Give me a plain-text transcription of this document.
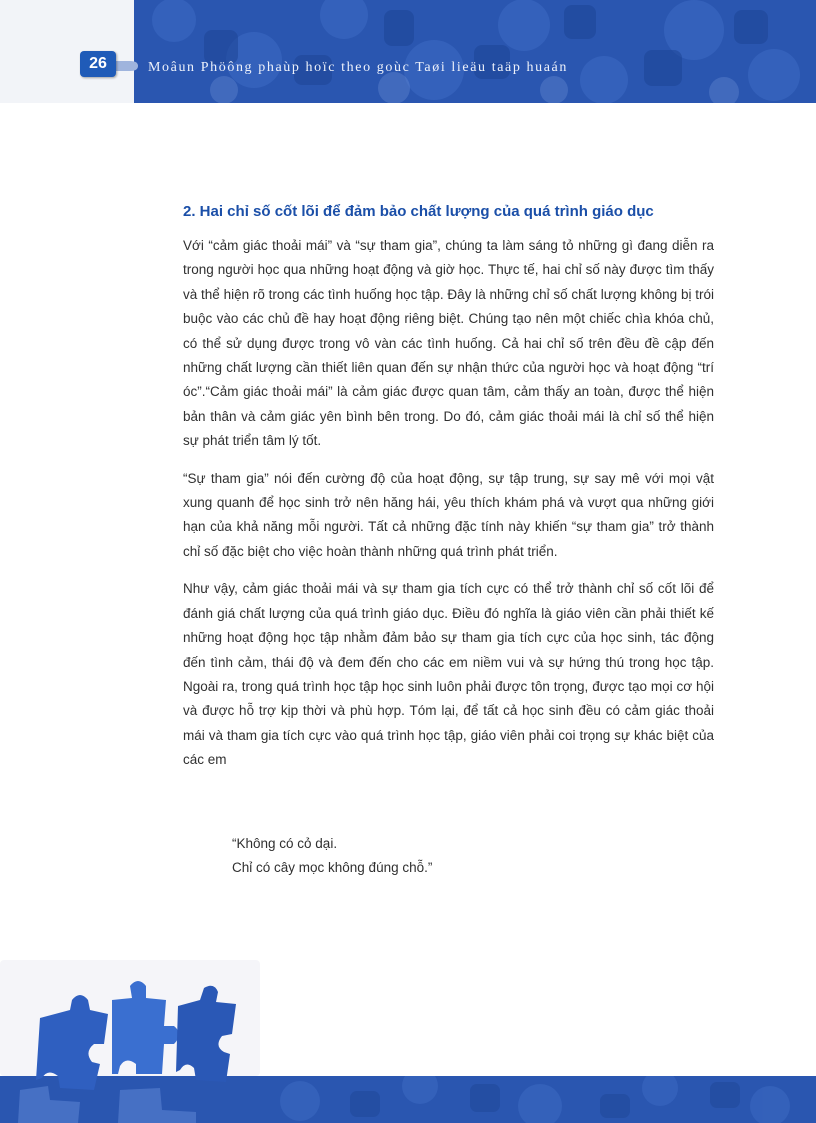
26	Moâun Phöông phaùp hoïc theo goùc Taøi lieäu taäp huaán
2. Hai chỉ số cốt lõi để đảm bảo chất lượng của quá trình giáo dục

Với “cảm giác thoải mái” và “sự tham gia”, chúng ta làm sáng tỏ những gì đang diễn ra trong người học qua những hoạt động và giờ học. Thực tế, hai chỉ số này được tìm thấy và thể hiện rõ trong các tình huống học tập. Đây là những chỉ số chất lượng không bị trói buộc vào các chủ đề hay hoạt động riêng biệt. Chúng tạo nên một chiếc chìa khóa chủ, có thể sử dụng được trong vô vàn các tình huống. Cả hai chỉ số trên đều đề cập đến những chất lượng cần thiết liên quan đến sự nhận thức của người học và hoạt động “trí óc”.“Cảm giác thoải mái” là cảm giác được quan tâm, cảm thấy an toàn, được thể hiện bản thân và cảm giác yên bình bên trong. Do đó, cảm giác thoải mái là chỉ số thể hiện sự phát triển tâm lý tốt.

“Sự tham gia” nói đến cường độ của hoạt động, sự tập trung, sự say mê với mọi vật xung quanh để học sinh trở nên hăng hái, yêu thích khám phá và vượt qua những giới hạn của khả năng mỗi người. Tất cả những đặc tính này khiến “sự tham gia” trở thành chỉ số đặc biệt cho việc hoàn thành những quá trình phát triển.

Như vậy, cảm giác thoải mái và sự tham gia tích cực có thể trở thành chỉ số cốt lõi để đánh giá chất lượng của quá trình giáo dục. Điều đó nghĩa là giáo viên cần phải thiết kế những hoạt động học tập nhằm đảm bảo sự tham gia tích cực của học sinh, tác động đến tình cảm, thái độ và đem đến cho các em niềm vui và sự hứng thú trong học tập. Ngoài ra, trong quá trình học tập học sinh luôn phải được tôn trọng, được tạo mọi cơ hội và được hỗ trợ kịp thời và phù hợp. Tóm lại, để tất cả học sinh đều có cảm giác thoải mái và tham gia tích cực vào quá trình học tập, giáo viên phải coi trọng sự khác biệt của các em

“Không có cỏ dại.
Chỉ có cây mọc không đúng chỗ.”
